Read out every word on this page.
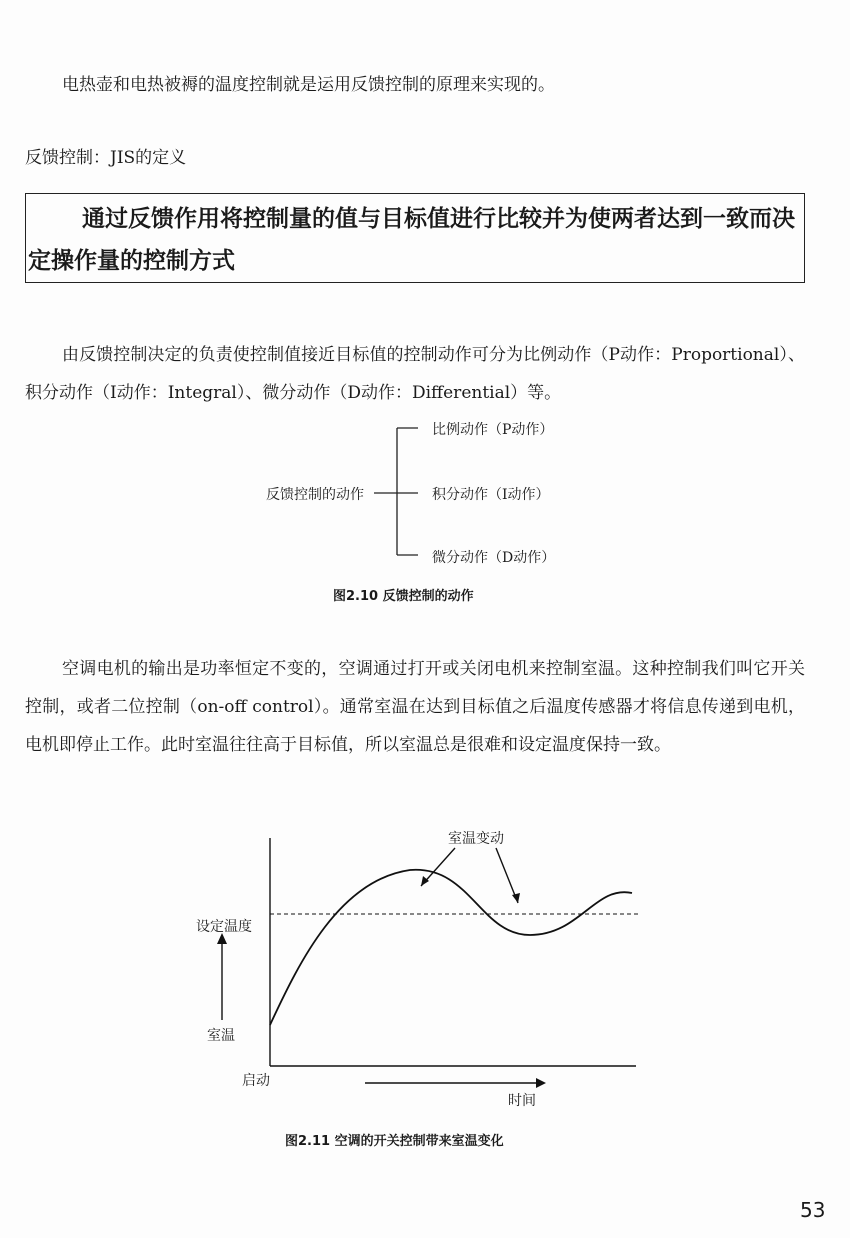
电热壶和电热被褥的温度控制就是运用反馈控制的原理来实现的。
反馈控制：JIS的定义
通过反馈作用将控制量的值与目标值进行比较并为使两者达到一致而决定操作量的控制方式
由反馈控制决定的负责使控制值接近目标值的控制动作可分为比例动作（P动作：Proportional）、积分动作（I动作：Integral）、微分动作（D动作：Differential）等。
反馈控制的动作
比例动作（P动作）
积分动作（I动作）
微分动作（D动作）
图2.10 反馈控制的动作
空调电机的输出是功率恒定不变的，空调通过打开或关闭电机来控制室温。这种控制我们叫它开关控制，或者二位控制（on-off control）。通常室温在达到目标值之后温度传感器才将信息传递到电机，电机即停止工作。此时室温往往高于目标值，所以室温总是很难和设定温度保持一致。
室温变动
设定温度
室温
启动
时间
图2.11 空调的开关控制带来室温变化
53
